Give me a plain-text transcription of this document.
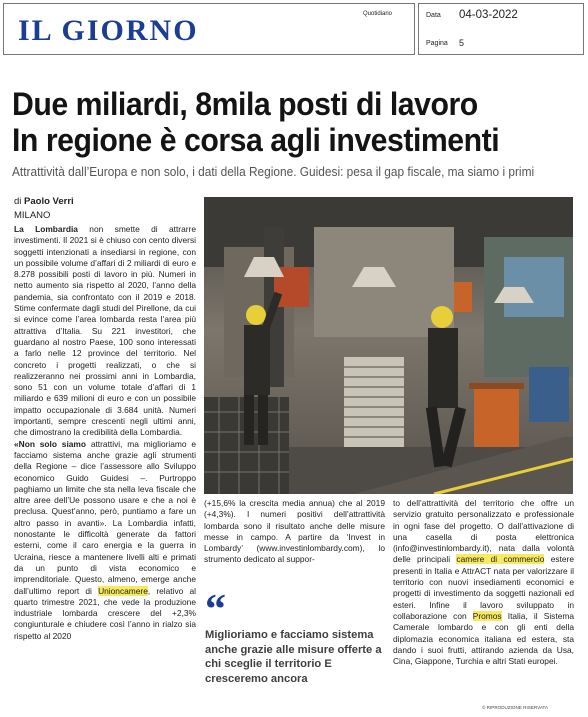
IL GIORNO	Quotidiano	Data 04-03-2022
Pagina 5
Due miliardi, 8mila posti di lavoro
In regione è corsa agli investimenti
Attrattività dall’Europa e non solo, i dati della Regione. Guidesi: pesa il gap fiscale, ma siamo i primi
di Paolo Verri
MILANO

La Lombardia non smette di attrarre investimenti. Il 2021 si è chiuso con cento diversi soggetti intenzionati a insediarsi in regione, con un possibile volume d’affari di 2 miliardi di euro e 8.278 possibili posti di lavoro in più. Numeri in netto aumento sia rispetto al 2020, l’anno della pandemia, sia confrontato con il 2019 e 2018. Stime confermate dagli studi del Pirellone, da cui si evince come l’area lombarda resta l’area più attrattiva d’Italia. Su 221 investitori, che guardano al nostro Paese, 100 sono interessati a farlo nelle 12 province del territorio. Nel concreto i progetti realizzati, o che si realizzeranno nei prossimi anni in Lombardia, sono 51 con un volume totale d’affari di 1 miliardo e 639 milioni di euro e con un possibile impatto occupazionale di 3.684 unità. Numeri importanti, sempre crescenti negli ultimi anni, che dimostrano la credibilità della Lombardia.

«Non solo siamo attrattivi, ma miglioriamo e facciamo sistema anche grazie agli strumenti della Regione – dice l’assessore allo Sviluppo economico Guido Guidesi –. Purtroppo paghiamo un limite che sta nella leva fiscale che altre aree dell’Ue possono usare e che a noi è preclusa. Quest’anno, però, puntiamo a fare un altro passo in avanti». La Lombardia infatti, nonostante le difficoltà generate da fattori esterni, come il caro energia e la guerra in Ucraina, riesce a mantenere livelli alti e primati da un punto di vista economico e imprenditoriale. Questo, almeno, emerge anche dall’ultimo report di Unioncamere, relativo al quarto trimestre 2021, che vede la produzione industriale lombarda crescere del +2,3% congiunturale e chiudere così l’anno in rialzo sia rispetto al 2020

(+15,6% la crescita media annua) che al 2019 (+4,3%). I numeri positivi dell’attrattività lombarda sono il risultato anche delle misure messe in campo. A partire da ‘Invest in Lombardy’ (www.investinlombardy.com), lo strumento dedicato al suppor-

“
Miglioriamo e facciamo sistema anche grazie alle misure offerte a chi sceglie il territorio E cresceremo ancora

to dell’attrattività del territorio che offre un servizio gratuito personalizzato e professionale in ogni fase del progetto. O dall’attivazione di una casella di posta elettronica (info@investinlombardy.it), nata dalla volontà delle principali camere di commercio estere presenti in Italia e AttrACT nata per valorizzare il territorio con nuovi insediamenti economici e progetti di investimento da soggetti nazionali ed esteri. Infine il lavoro sviluppato in collaborazione con Promos Italia, il Sistema Camerale lombardo e con gli enti della diplomazia economica italiana ed estera, sta dando i suoi frutti, attirando azienda da Usa, Cina, Giappone, Turchia e altri Stati europei.

© RIPRODUZIONE RISERVATA
